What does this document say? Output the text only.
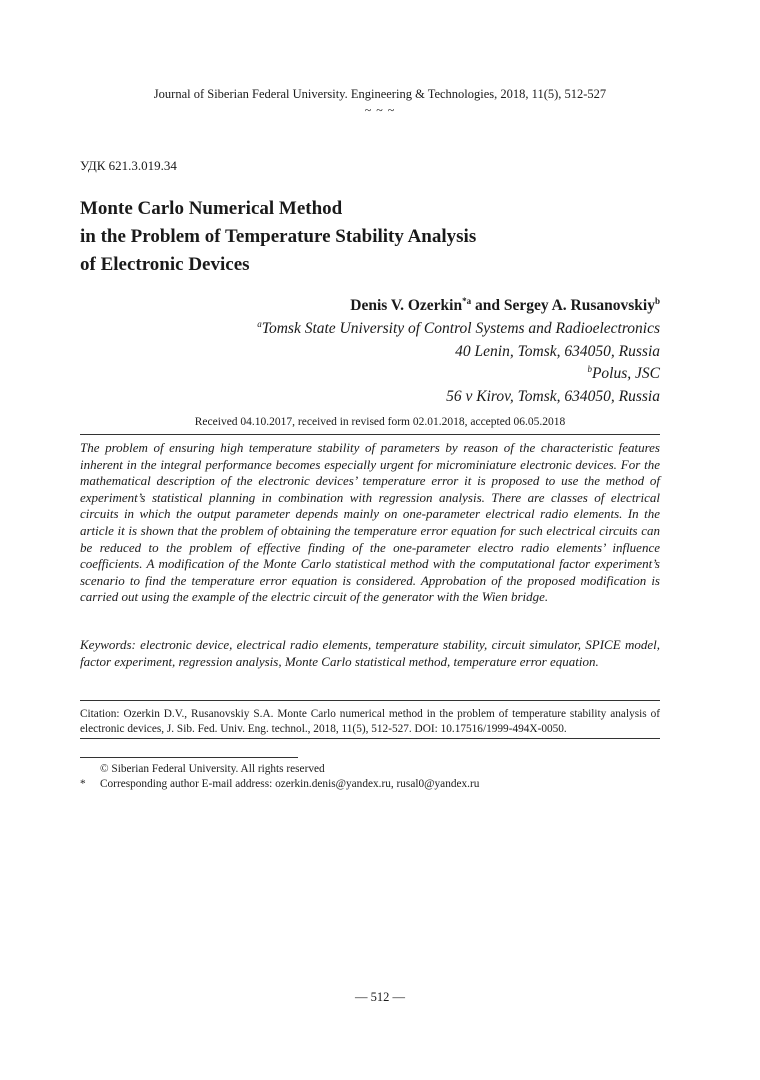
Journal of Siberian Federal University. Engineering & Technologies, 2018, 11(5), 512-527
~ ~ ~
УДК 621.3.019.34
Monte Carlo Numerical Method
in the Problem of Temperature Stability Analysis
of Electronic Devices
Denis V. Ozerkin$^{*a}$ and Sergey A. Rusanovskiy$^b$
$^a$Tomsk State University of Control Systems and Radioelectronics
40 Lenin, Tomsk, 634050, Russia
$^b$Polus, JSC
56 v Kirov, Tomsk, 634050, Russia
Received 04.10.2017, received in revised form 02.01.2018, accepted 06.05.2018
The problem of ensuring high temperature stability of parameters by reason of the characteristic features inherent in the integral performance becomes especially urgent for microminiature electronic devices. For the mathematical description of the electronic devices’ temperature error it is proposed to use the method of experiment’s statistical planning in combination with regression analysis. There are classes of electrical circuits in which the output parameter depends mainly on one-parameter electrical radio elements. In the article it is shown that the problem of obtaining the temperature error equation for such electrical circuits can be reduced to the problem of effective finding of the one-parameter electro radio elements’ influence coefficients. A modification of the Monte Carlo statistical method with the computational factor experiment’s scenario to find the temperature error equation is considered. Approbation of the proposed modification is carried out using the example of the electric circuit of the generator with the Wien bridge.
Keywords: electronic device, electrical radio elements, temperature stability, circuit simulator, SPICE model, factor experiment, regression analysis, Monte Carlo statistical method, temperature error equation.
Citation: Ozerkin D.V., Rusanovskiy S.A. Monte Carlo numerical method in the problem of temperature stability analysis of electronic devices, J. Sib. Fed. Univ. Eng. technol., 2018, 11(5), 512-527. DOI: 10.17516/1999-494X-0050.
© Siberian Federal University. All rights reserved
* Corresponding author E-mail address: ozerkin.denis@yandex.ru, rusal0@yandex.ru
— 512 —
